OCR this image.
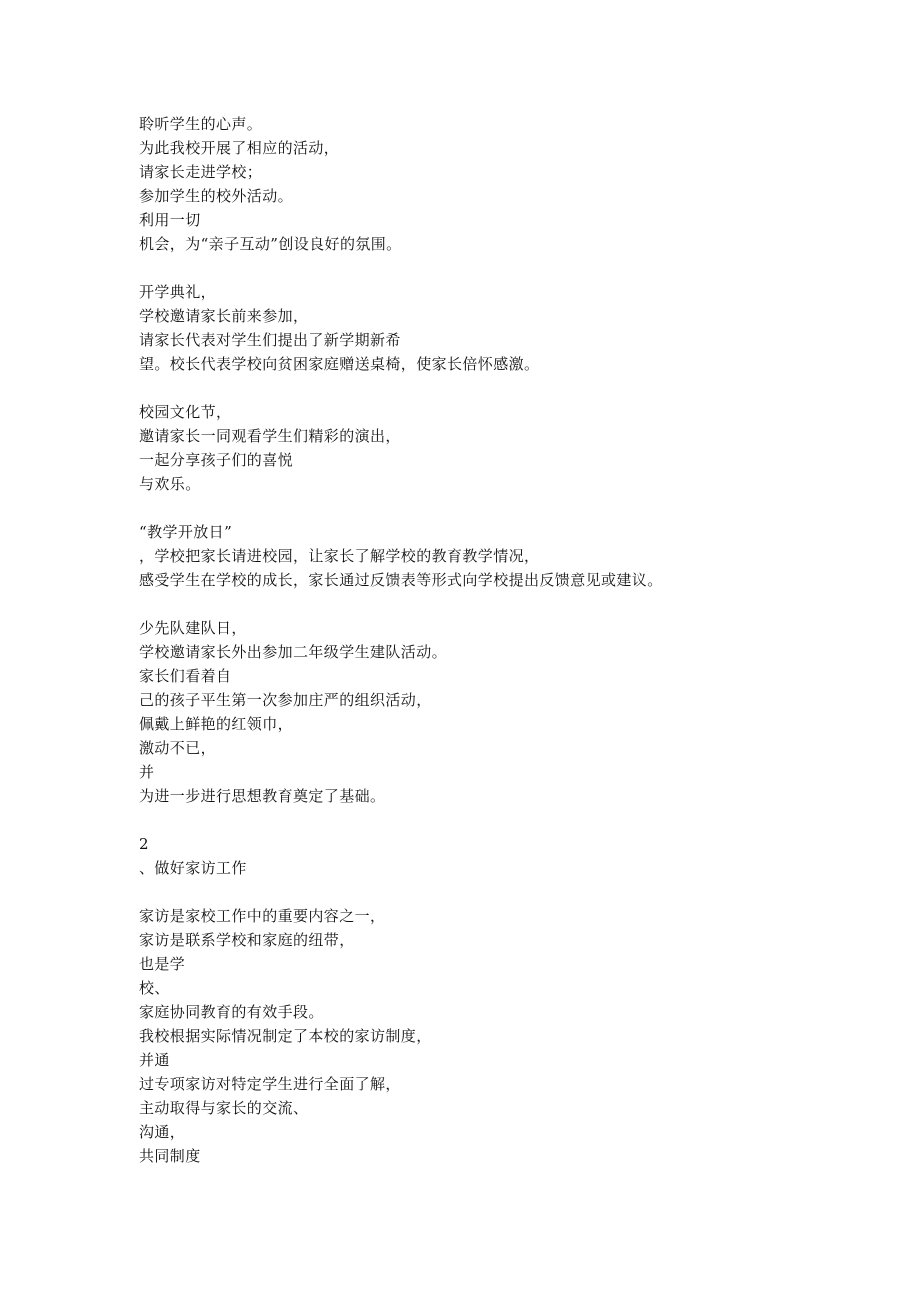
聆听学生的心声。
为此我校开展了相应的活动，
请家长走进学校；
参加学生的校外活动。
利用一切
机会，为“亲子互动”创设良好的氛围。
开学典礼，
学校邀请家长前来参加，
请家长代表对学生们提出了新学期新希
望。校长代表学校向贫困家庭赠送桌椅，使家长倍怀感激。
校园文化节，
邀请家长一同观看学生们精彩的演出，
一起分享孩子们的喜悦
与欢乐。
“教学开放日”
，学校把家长请进校园，让家长了解学校的教育教学情况，
感受学生在学校的成长，家长通过反馈表等形式向学校提出反馈意见或建议。
少先队建队日，
学校邀请家长外出参加二年级学生建队活动。
家长们看着自
己的孩子平生第一次参加庄严的组织活动，
佩戴上鲜艳的红领巾，
激动不已，
并
为进一步进行思想教育奠定了基础。
2
、做好家访工作
家访是家校工作中的重要内容之一，
家访是联系学校和家庭的纽带，
也是学
校、
家庭协同教育的有效手段。
我校根据实际情况制定了本校的家访制度，
并通
过专项家访对特定学生进行全面了解，
主动取得与家长的交流、
沟通，
共同制度
